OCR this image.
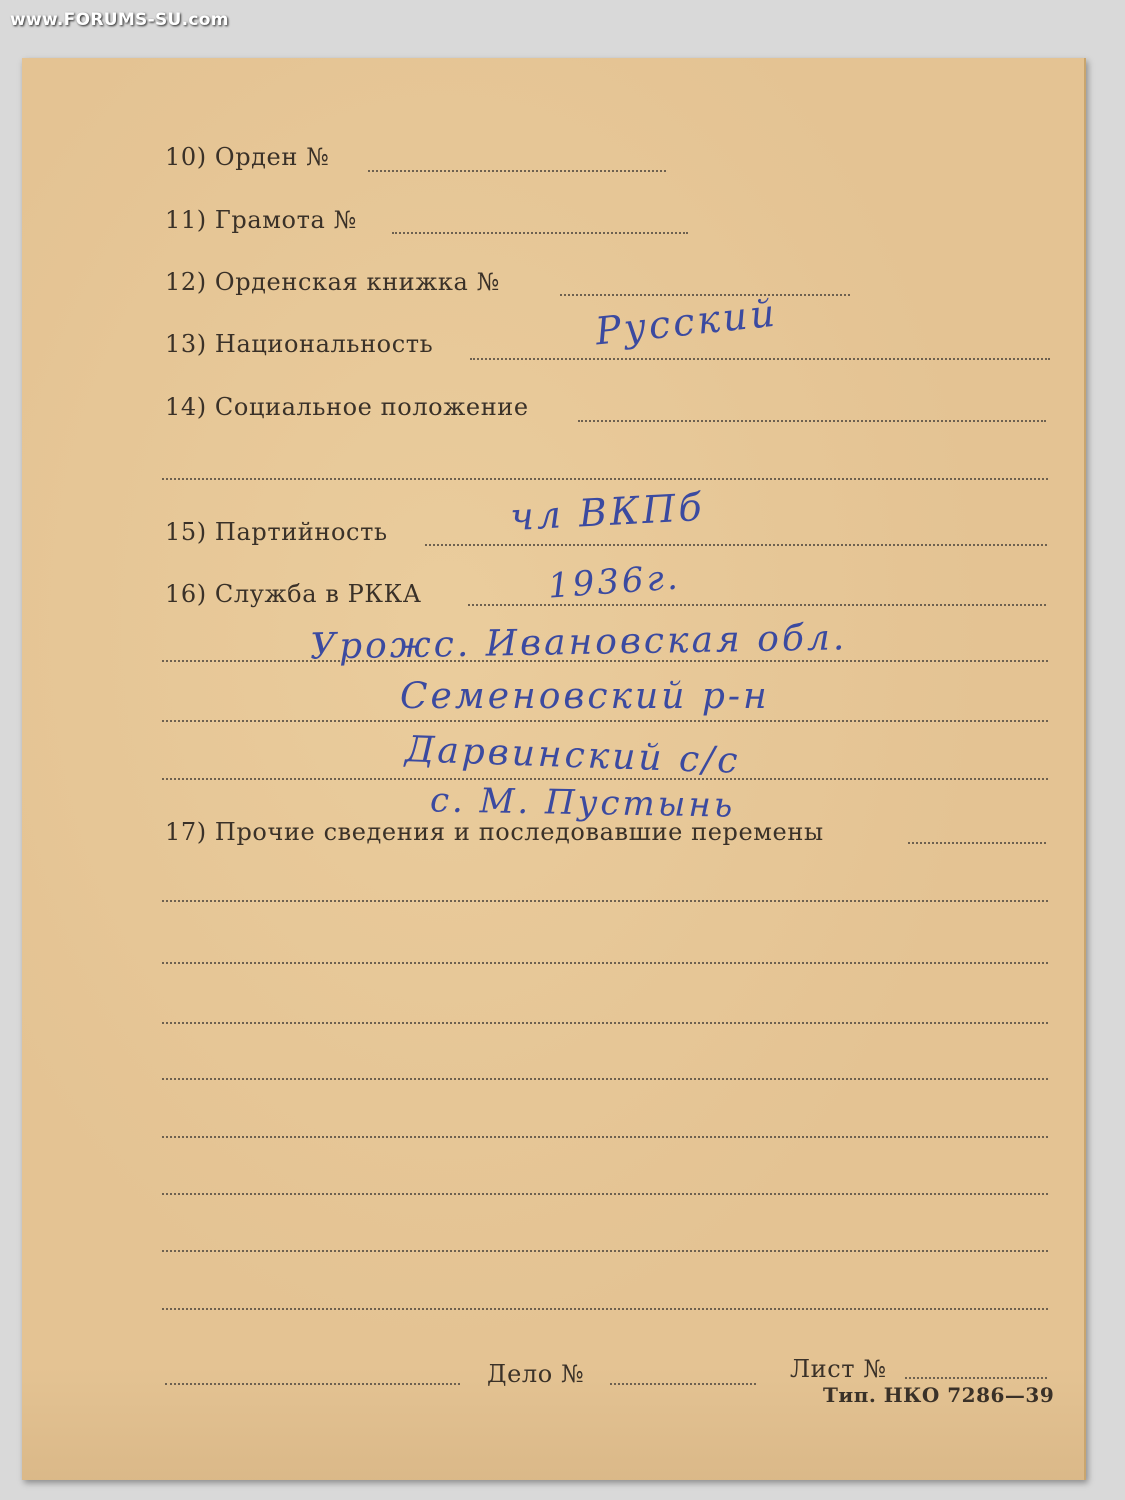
www.FORUMS-SU.com
10) Орден №
11) Грамота №
12) Орденская книжка №
13) Национальность	Русский
14) Социальное положение
15) Партийность	чл ВКПб
16) Служба в РККА	1936г.
Урожс. Ивановская обл.
Семеновский р-н
Дарвинский с/с
с. М. Пустынь
17) Прочие сведения и последовавшие перемены
Дело №	Лист №
Тип. НКО 7286—39
